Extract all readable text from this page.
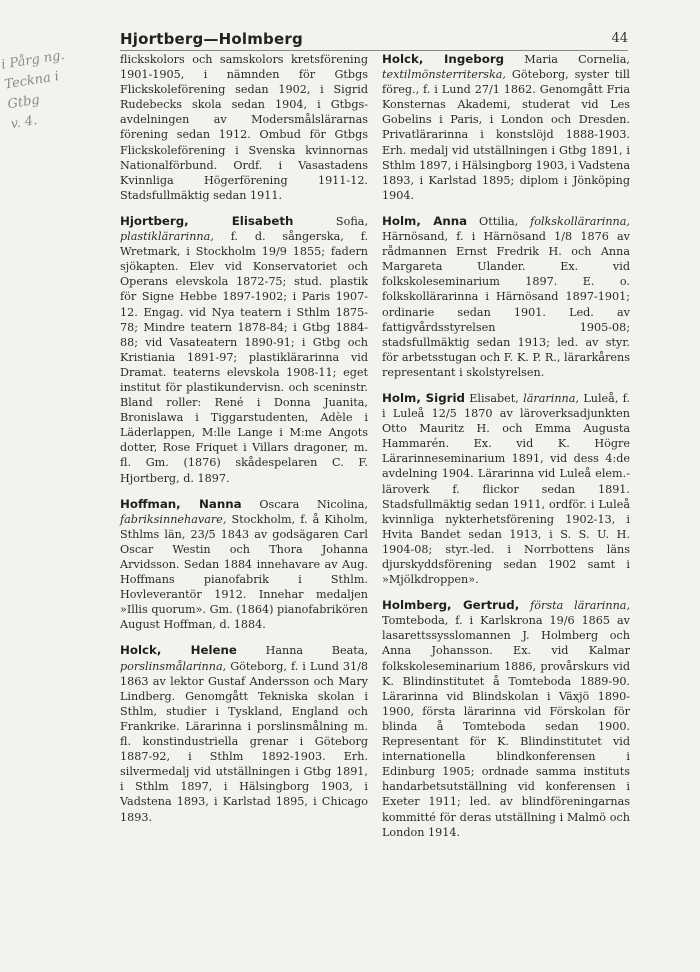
Hjortberg—Holmberg	44
i Pårg ng.
Teckna i
Gtbg
v. 4.

flickskolors och samskolors kretsförening 1901-1905, i nämnden för Gtbgs Flickskoleförening sedan 1902, i Sigrid Rudebecks skola sedan 1904, i Gtbgs-avdelningen av Modersmålslärarnas förening sedan 1912. Ombud för Gtbgs Flickskoleförening i Svenska kvinnornas Nationalförbund. Ordf. i Vasastadens Kvinnliga Högerförening 1911-12. Stadsfullmäktig sedan 1911.

Hjortberg, Elisabeth	Sofia, plastiklärarinna, f. d. sångerska, f. Wretmark, i Stockholm 19/9 1855; fadern sjökapten. Elev vid Konservatoriet och Operans elevskola 1872-75; stud. plastik för Signe Hebbe 1897-1902; i Paris 1907-12. Engag. vid Nya teatern i Sthlm 1875-78; Mindre teatern 1878-84; i Gtbg 1884-88; vid Vasateatern 1890-91; i Gtbg och Kristiania 1891-97; plastiklärarinna vid Dramat. teaterns elevskola 1908-11; eget institut för plastikundervisn. och sceninstr. Bland roller: René i Donna Juanita, Bronislawa i Tiggarstudenten, Adèle i Läderlappen, M:lle Lange i M:me Angots dotter, Rose Friquet i Villars dragoner, m. fl. Gm. (1876) skådespelaren C. F. Hjortberg, d. 1897.

Hoffman, Nanna Oscara Nicolina, fabriksinnehavare, Stockholm, f. å Kiholm, Sthlms län, 23/5 1843 av godsägaren Carl Oscar Westin och Thora Johanna Arvidsson. Sedan 1884 innehavare av Aug. Hoffmans pianofabrik i Sthlm. Hovleverantör 1912. Innehar medaljen »Illis quorum». Gm. (1864) pianofabrikören August Hoffman, d. 1884.

Holck, Helene	Hanna Beata, porslinsmålarinna, Göteborg, f. i Lund 31/8 1863 av lektor Gustaf Andersson och Mary Lindberg. Genomgått Tekniska skolan i Sthlm, studier i Tyskland, England och Frankrike. Lärarinna i porslinsmålning m. fl. konstindustriella grenar i Göteborg 1887-92, i Sthlm 1892-1903. Erh. silvermedalj vid utställningen i Gtbg 1891, i Sthlm 1897, i Hälsingborg 1903, i Vadstena 1893, i Karlstad 1895, i Chicago 1893.

Holck, Ingeborg Maria Cornelia, textilmönsterriterska, Göteborg, syster till föreg., f. i Lund 27/1 1862. Genomgått Fria Konsternas Akademi, studerat vid Les Gobelins i Paris, i London och Dresden. Privatlärarinna i konstslöjd 1888-1903. Erh. medalj vid utställningen i Gtbg 1891, i Sthlm 1897, i Hälsingborg 1903, i Vadstena 1893, i Karlstad 1895; diplom i Jönköping 1904.

Holm, Anna Ottilia, folkskollärarinna, Härnösand, f. i Härnösand 1/8 1876 av rådmannen Ernst Fredrik H. och Anna Margareta Ulander. Ex. vid folkskoleseminarium 1897. E. o. folkskollärarinna i Härnösand 1897-1901; ordinarie sedan 1901. Led. av fattigvårdsstyrelsen 1905-08; stadsfullmäktig sedan 1913; led. av styr. för arbetsstugan och F. K. P. R., lärarkårens representant i skolstyrelsen.

Holm, Sigrid Elisabet, lärarinna, Luleå, f. i Luleå 12/5 1870 av läroverksadjunkten Otto Mauritz H. och Emma Augusta Hammarén. Ex. vid K. Högre Lärarinneseminarium 1891, vid dess 4:de avdelning 1904. Lärarinna vid Luleå elem.-läroverk f. flickor sedan 1891. Stadsfullmäktig sedan 1911, ordför. i Luleå kvinnliga nykterhetsförening 1902-13, i Hvita Bandet sedan 1913, i S. S. U. H. 1904-08; styr.-led. i Norrbottens läns djurskyddsförening sedan 1902 samt i »Mjölkdroppen».

Holmberg, Gertrud, första lärarinna, Tomteboda, f. i Karlskrona 19/6 1865 av lasarettssysslomannen J. Holmberg och Anna Johansson. Ex. vid Kalmar folkskoleseminarium 1886, provårskurs vid K. Blindinstitutet å Tomteboda 1889-90. Lärarinna vid Blindskolan i Växjö 1890-1900, första lärarinna vid Förskolan för blinda å Tomteboda sedan 1900. Representant för K. Blindinstitutet vid internationella blindkonferensen i Edinburg 1905; ordnade samma instituts handarbetsutställning vid konferensen i Exeter 1911; led. av blindföreningarnas kommitté för deras utställning i Malmö och London 1914.
